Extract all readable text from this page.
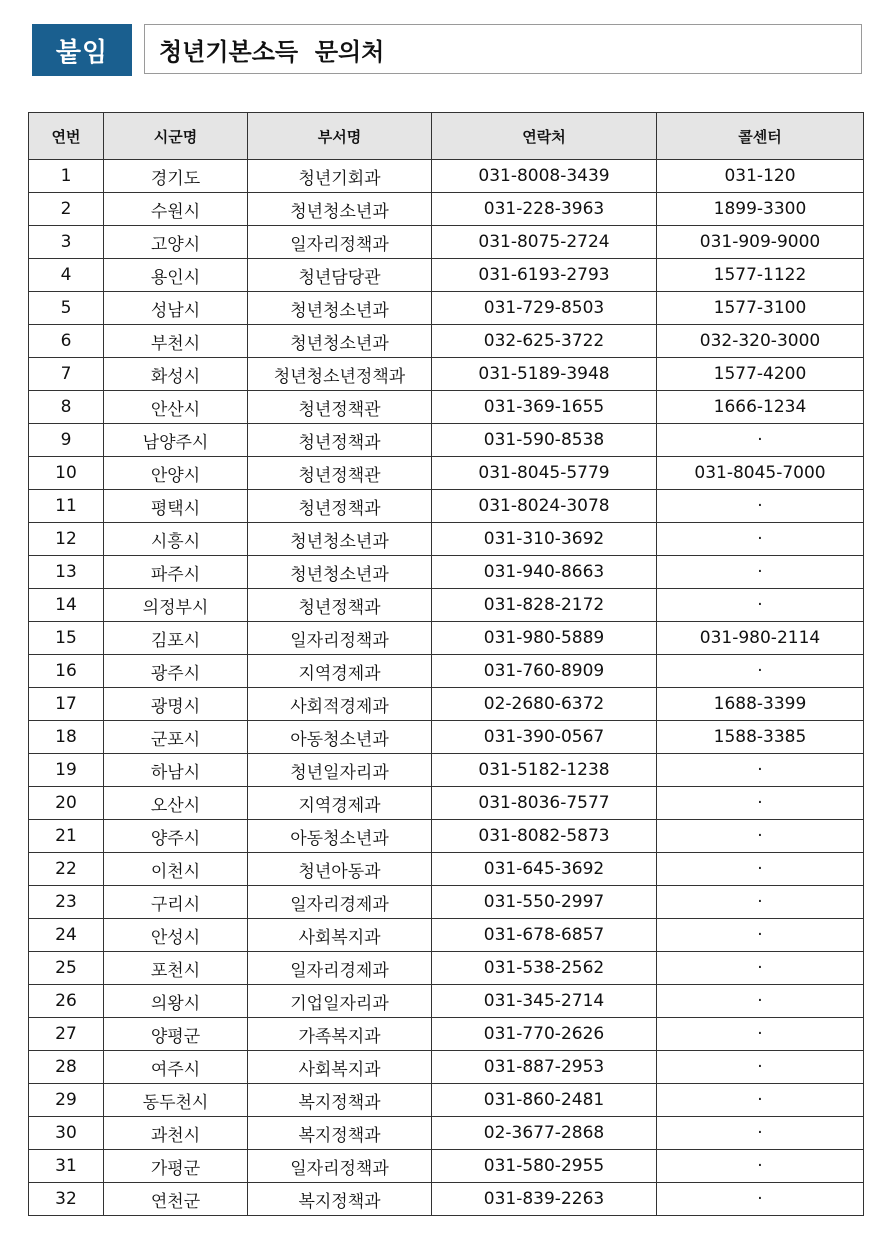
붙임	청년기본소득  문의처
연번	시군명	부서명	연락처	콜센터
1	경기도	청년기회과	031-8008-3439	031-120
2	수원시	청년청소년과	031-228-3963	1899-3300
3	고양시	일자리정책과	031-8075-2724	031-909-9000
4	용인시	청년담당관	031-6193-2793	1577-1122
5	성남시	청년청소년과	031-729-8503	1577-3100
6	부천시	청년청소년과	032-625-3722	032-320-3000
7	화성시	청년청소년정책과	031-5189-3948	1577-4200
8	안산시	청년정책관	031-369-1655	1666-1234
9	남양주시	청년정책과	031-590-8538	·
10	안양시	청년정책관	031-8045-5779	031-8045-7000
11	평택시	청년정책과	031-8024-3078	·
12	시흥시	청년청소년과	031-310-3692	·
13	파주시	청년청소년과	031-940-8663	·
14	의정부시	청년정책과	031-828-2172	·
15	김포시	일자리정책과	031-980-5889	031-980-2114
16	광주시	지역경제과	031-760-8909	·
17	광명시	사회적경제과	02-2680-6372	1688-3399
18	군포시	아동청소년과	031-390-0567	1588-3385
19	하남시	청년일자리과	031-5182-1238	·
20	오산시	지역경제과	031-8036-7577	·
21	양주시	아동청소년과	031-8082-5873	·
22	이천시	청년아동과	031-645-3692	·
23	구리시	일자리경제과	031-550-2997	·
24	안성시	사회복지과	031-678-6857	·
25	포천시	일자리경제과	031-538-2562	·
26	의왕시	기업일자리과	031-345-2714	·
27	양평군	가족복지과	031-770-2626	·
28	여주시	사회복지과	031-887-2953	·
29	동두천시	복지정책과	031-860-2481	·
30	과천시	복지정책과	02-3677-2868	·
31	가평군	일자리정책과	031-580-2955	·
32	연천군	복지정책과	031-839-2263	·
